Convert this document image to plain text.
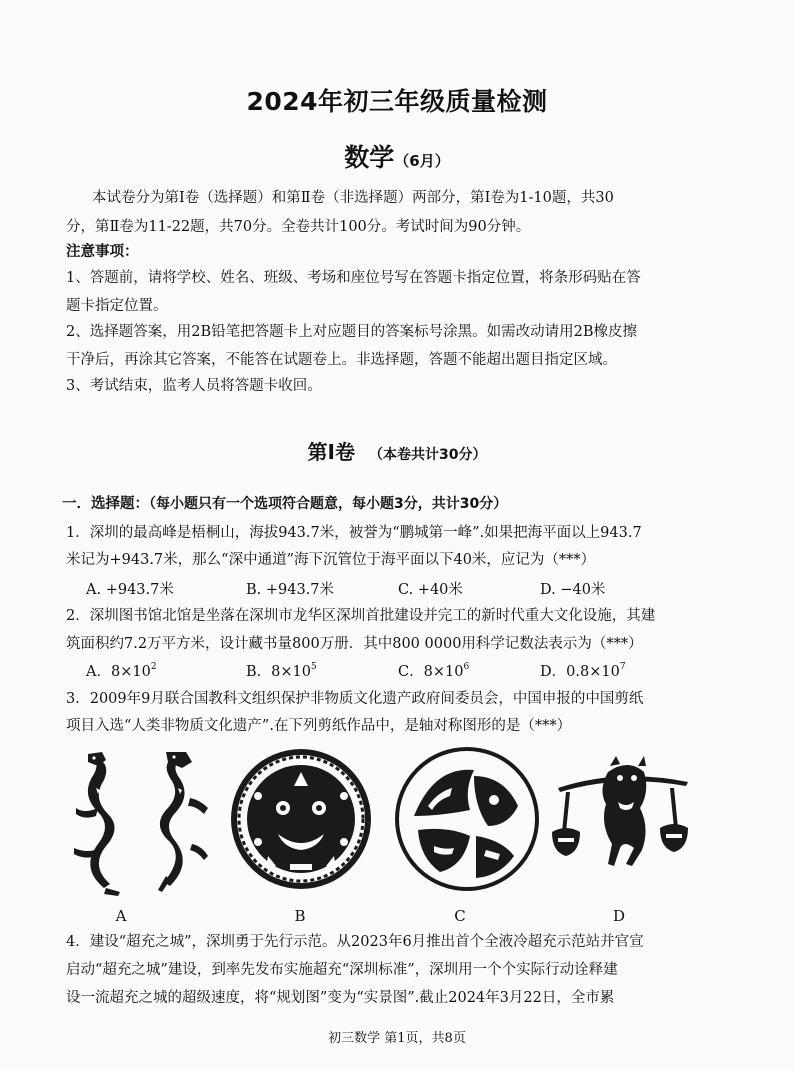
2024年初三年级质量检测
数学（6月）
本试卷分为第Ⅰ卷（选择题）和第Ⅱ卷（非选择题）两部分，第Ⅰ卷为1-10题，共30
分，第Ⅱ卷为11-22题，共70分。全卷共计100分。考试时间为90分钟。
注意事项：
1、答题前，请将学校、姓名、班级、考场和座位号写在答题卡指定位置，将条形码贴在答
题卡指定位置。
2、选择题答案，用2B铅笔把答题卡上对应题目的答案标号涂黑。如需改动请用2B橡皮擦
干净后，再涂其它答案，不能答在试题卷上。非选择题，答题不能超出题目指定区域。
3、考试结束，监考人员将答题卡收回。
第Ⅰ卷 （本卷共计30分）
一．选择题：（每小题只有一个选项符合题意，每小题3分，共计30分）
1．深圳的最高峰是梧桐山，海拔943.7米，被誉为“鹏城第一峰”.如果把海平面以上943.7
米记为+943.7米，那么“深中通道”海下沉管位于海平面以下40米，应记为（***）
A. +943.7米	B. +943.7米	C. +40米	D. −40米
2．深圳图书馆北馆是坐落在深圳市龙华区深圳首批建设并完工的新时代重大文化设施，其建
筑面积约7.2万平方米，设计藏书量800万册．其中800 0000用科学记数法表示为（***）
A．$8\times 10^2$	B．$8\times 10^5$	C．$8\times 10^6$	D．$0.8\times 10^7$
3．2009年9月联合国教科文组织保护非物质文化遗产政府间委员会，中国申报的中国剪纸
项目入选“人类非物质文化遗产”.在下列剪纸作品中，是轴对称图形的是（***）
A	B	C	D
4．建设“超充之城”，深圳勇于先行示范。从2023年6月推出首个全液冷超充示范站并官宣
启动“超充之城”建设，到率先发布实施超充“深圳标准”，深圳用一个个实际行动诠释建
设一流超充之城的超级速度，将“规划图”变为“实景图”.截止2024年3月22日，全市累
初三数学 第1页，共8页
